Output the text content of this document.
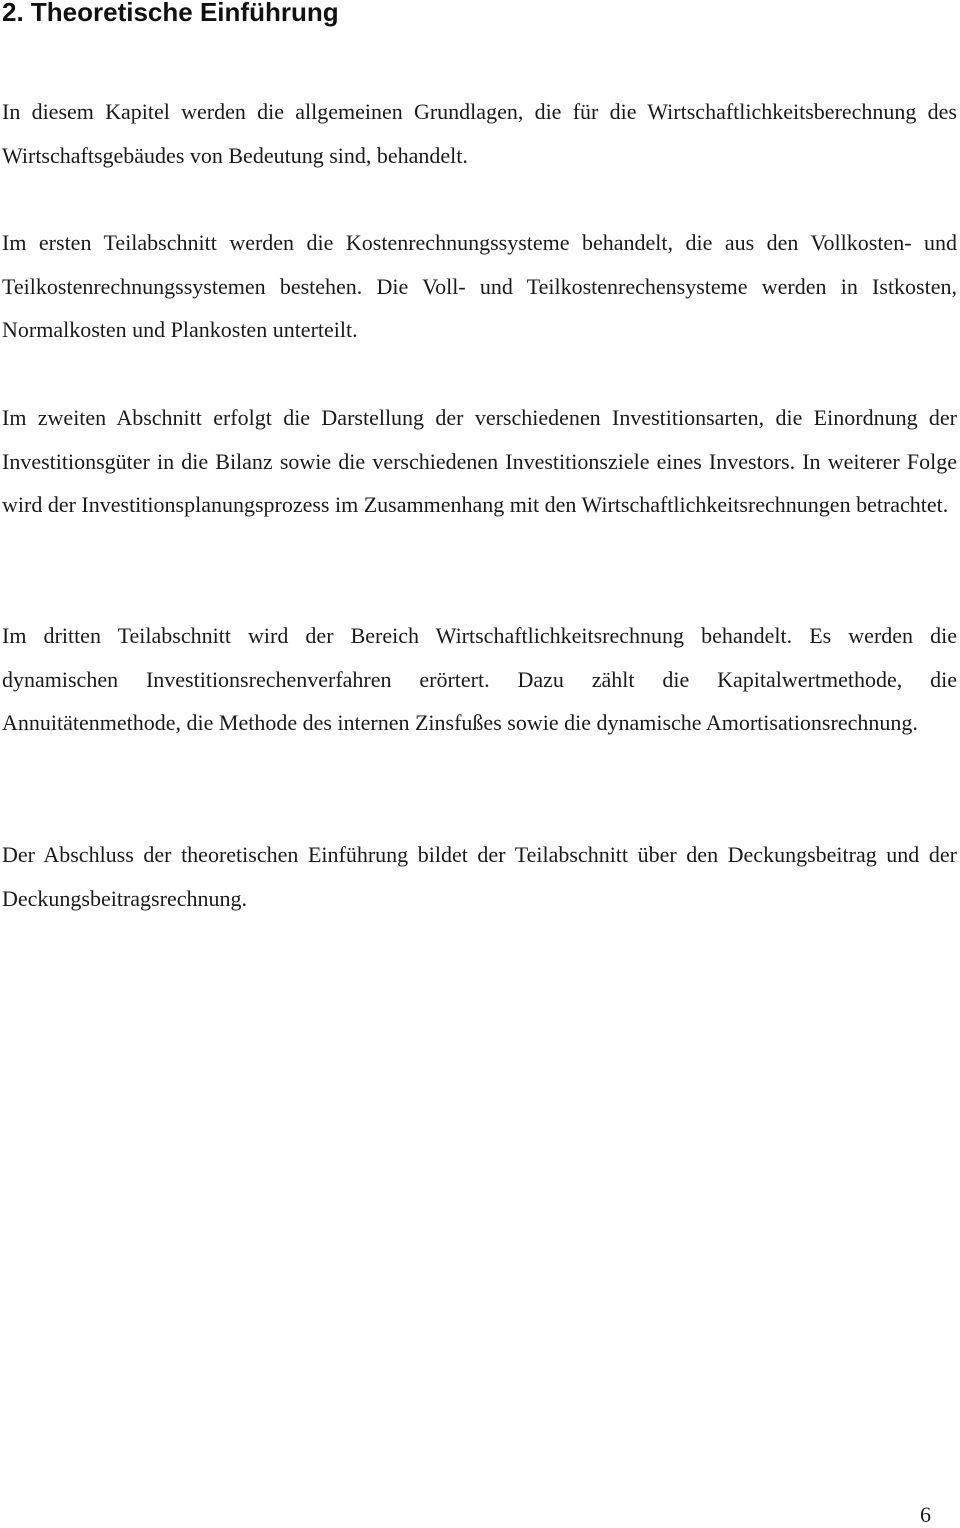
2. Theoretische Einführung

In diesem Kapitel werden die allgemeinen Grundlagen, die für die Wirtschaftlichkeitsberechnung des Wirtschaftsgebäudes von Bedeutung sind, behandelt.

Im ersten Teilabschnitt werden die Kostenrechnungssysteme behandelt, die aus den Vollkosten- und Teilkostenrechnungssystemen bestehen. Die Voll- und Teilkostenrechensysteme werden in Istkosten, Normalkosten und Plankosten unterteilt.

Im zweiten Abschnitt erfolgt die Darstellung der verschiedenen Investitionsarten, die Einordnung der Investitionsgüter in die Bilanz sowie die verschiedenen Investitionsziele eines Investors. In weiterer Folge wird der Investitionsplanungsprozess im Zusammenhang mit den Wirtschaftlichkeitsrechnungen betrachtet.

Im dritten Teilabschnitt wird der Bereich Wirtschaftlichkeitsrechnung behandelt. Es werden die dynamischen Investitionsrechenverfahren erörtert. Dazu zählt die Kapitalwertmethode, die Annuitätenmethode, die Methode des internen Zinsfußes sowie die dynamische Amortisationsrechnung.

Der Abschluss der theoretischen Einführung bildet der Teilabschnitt über den Deckungsbeitrag und der Deckungsbeitragsrechnung.

6
